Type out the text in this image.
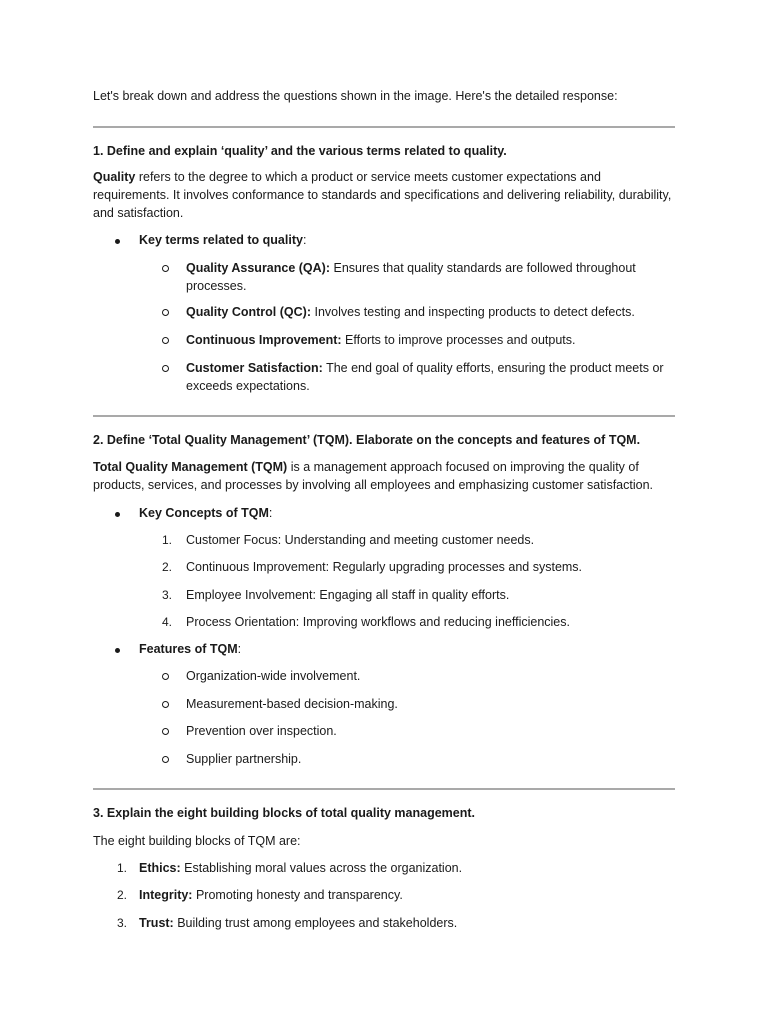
Let's break down and address the questions shown in the image. Here's the detailed response:

1. Define and explain ‘quality’ and the various terms related to quality.

Quality refers to the degree to which a product or service meets customer expectations and requirements. It involves conformance to standards and specifications and delivering reliability, durability, and satisfaction.

Key terms related to quality:
Quality Assurance (QA): Ensures that quality standards are followed throughout processes.
Quality Control (QC): Involves testing and inspecting products to detect defects.
Continuous Improvement: Efforts to improve processes and outputs.
Customer Satisfaction: The end goal of quality efforts, ensuring the product meets or exceeds expectations.

2. Define ‘Total Quality Management’ (TQM). Elaborate on the concepts and features of TQM.

Total Quality Management (TQM) is a management approach focused on improving the quality of products, services, and processes by involving all employees and emphasizing customer satisfaction.

Key Concepts of TQM:
1. Customer Focus: Understanding and meeting customer needs.
2. Continuous Improvement: Regularly upgrading processes and systems.
3. Employee Involvement: Engaging all staff in quality efforts.
4. Process Orientation: Improving workflows and reducing inefficiencies.
Features of TQM:
Organization-wide involvement.
Measurement-based decision-making.
Prevention over inspection.
Supplier partnership.

3. Explain the eight building blocks of total quality management.

The eight building blocks of TQM are:

1. Ethics: Establishing moral values across the organization.
2. Integrity: Promoting honesty and transparency.
3. Trust: Building trust among employees and stakeholders.
